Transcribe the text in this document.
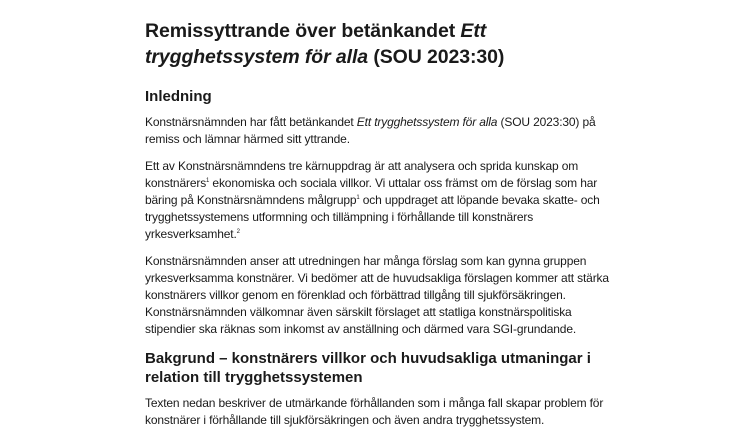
Remissyttrande över betänkandet Ett trygghetssystem för alla (SOU 2023:30)
Inledning

Konstnärsnämnden har fått betänkandet Ett trygghetssystem för alla (SOU 2023:30) på remiss och lämnar härmed sitt yttrande.

Ett av Konstnärsnämndens tre kärnuppdrag är att analysera och sprida kunskap om konstnärers$^1$ ekonomiska och sociala villkor. Vi uttalar oss främst om de förslag som har bäring på Konstnärsnämndens målgrupp$^1$ och uppdraget att löpande bevaka skatte- och trygghetssystemens utformning och tillämpning i förhållande till konstnärers yrkesverksamhet.$^2$

Konstnärsnämnden anser att utredningen har många förslag som kan gynna gruppen yrkesverksamma konstnärer. Vi bedömer att de huvudsakliga förslagen kommer att stärka konstnärers villkor genom en förenklad och förbättrad tillgång till sjukförsäkringen. Konstnärsnämnden välkomnar även särskilt förslaget att statliga konstnärspolitiska stipendier ska räknas som inkomst av anställning och därmed vara SGI-grundande.

Bakgrund – konstnärers villkor och huvudsakliga utmaningar i relation till trygghetssystemen

Texten nedan beskriver de utmärkande förhållanden som i många fall skapar problem för konstnärer i förhållande till sjukförsäkringen och även andra trygghetssystem.
